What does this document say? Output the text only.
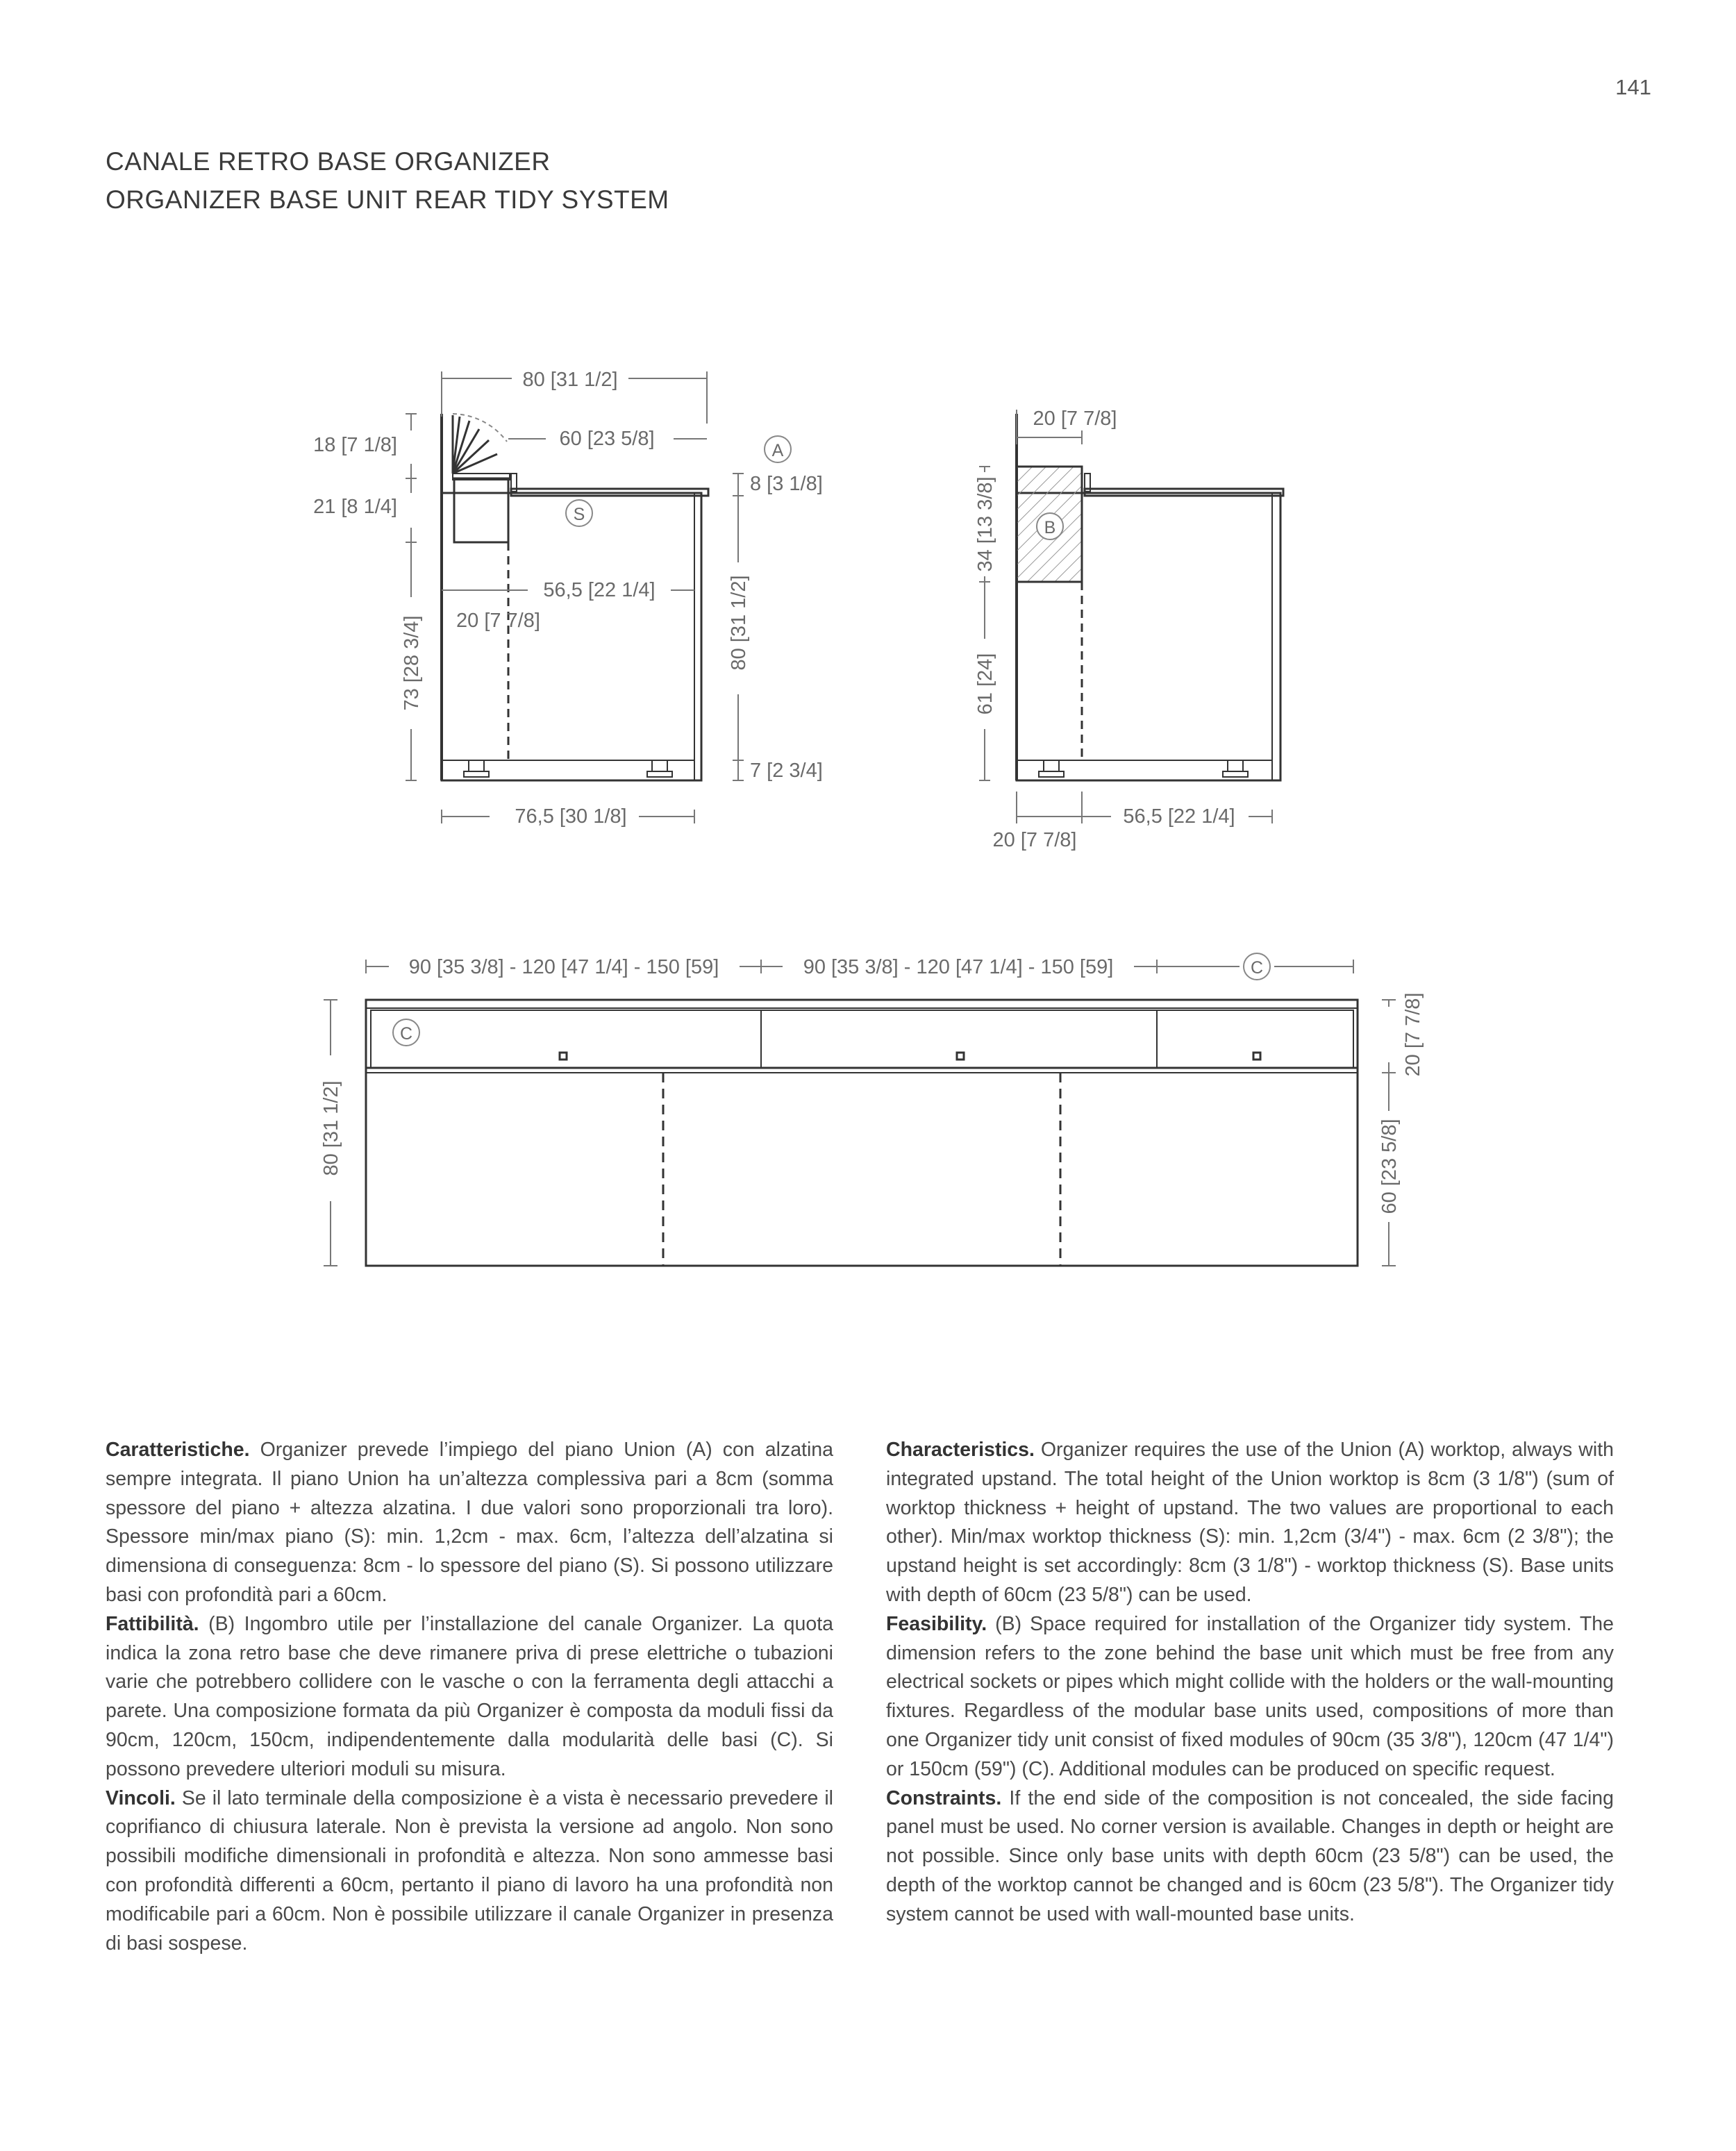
141
CANALE RETRO BASE ORGANIZER
ORGANIZER BASE UNIT REAR TIDY SYSTEM
80 [31 1/2]
60 [23 5/8]
18 [7 1/8]
21 [8 1/4]
8 [3 1/8]
56,5 [22 1/4]
20 [7 7/8]
73 [28 3/4]	80 [31 1/2]
7 [2 3/4]
76,5 [30 1/8]
A
S
20 [7 7/8]
34 [13 3/8]
61 [24]
20 [7 7/8]
56,5 [22 1/4]
B
90 [35 3/8] - 120 [47 1/4] - 150 [59]	90 [35 3/8] - 120 [47 1/4] - 150 [59]
80 [31 1/2]
20 [7 7/8]
60 [23 5/8]
C
C

Caratteristiche. Organizer prevede l’impiego del piano Union (A) con alzatina sempre integrata. Il piano Union ha un’altezza complessiva pari a 8cm (somma spessore del piano + altezza alzatina. I due valori sono proporzionali tra loro). Spessore min/max piano (S): min. 1,2cm - max. 6cm, l’altezza dell’alzatina si dimensiona di conseguenza: 8cm - lo spessore del piano (S). Si possono utilizzare basi con profondità pari a 60cm.

Fattibilità. (B) Ingombro utile per l’installazione del canale Organizer. La quota indica la zona retro base che deve rimanere priva di prese elettriche o tubazioni varie che potrebbero collidere con le vasche o con la ferramenta degli attacchi a parete. Una composizione formata da più Organizer è composta da moduli fissi da 90cm, 120cm, 150cm, indipendentemente dalla modularità delle basi (C). Si possono prevedere ulteriori moduli su misura.

Vincoli. Se il lato terminale della composizione è a vista è necessario prevedere il coprifianco di chiusura laterale. Non è prevista la versione ad angolo. Non sono possibili modifiche dimensionali in profondità e altezza. Non sono ammesse basi con profondità differenti a 60cm, pertanto il piano di lavoro ha una profondità non modificabile pari a 60cm. Non è possibile utilizzare il canale Organizer in presenza di basi sospese.

Characteristics. Organizer requires the use of the Union (A) worktop, always with integrated upstand. The total height of the Union worktop is 8cm (3 1/8") (sum of worktop thickness + height of upstand. The two values are proportional to each other). Min/max worktop thickness (S): min. 1,2cm (3/4") - max. 6cm (2 3/8"); the upstand height is set accordingly: 8cm (3 1/8") - worktop thickness (S). Base units with depth of 60cm (23 5/8") can be used.

Feasibility. (B) Space required for installation of the Organizer tidy system. The dimension refers to the zone behind the base unit which must be free from any electrical sockets or pipes which might collide with the holders or the wall-mounting fixtures. Regardless of the modular base units used, compositions of more than one Organizer tidy unit consist of fixed modules of 90cm (35 3/8"), 120cm (47 1/4") or 150cm (59") (C). Additional modules can be produced on specific request.

Constraints. If the end side of the composition is not concealed, the side facing panel must be used. No corner version is available. Changes in depth or height are not possible. Since only base units with depth 60cm (23 5/8") can be used, the depth of the worktop cannot be changed and is 60cm (23 5/8"). The Organizer tidy system cannot be used with wall-mounted base units.
